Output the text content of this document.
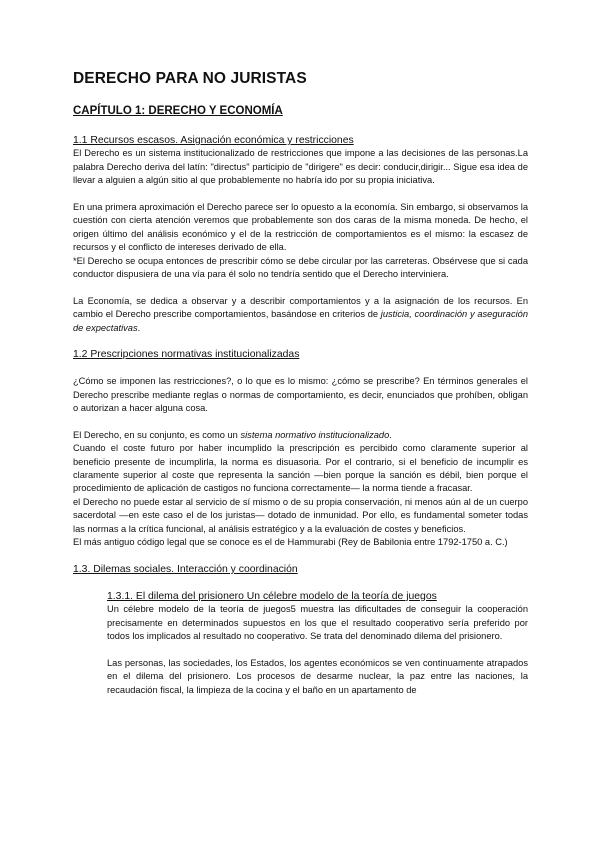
DERECHO PARA NO JURISTAS
CAPÍTULO 1: DERECHO Y ECONOMÍA
1.1 Recursos escasos. Asignación económica y restricciones

El Derecho es un sistema institucionalizado de restricciones que impone a las decisiones de las personas.La palabra Derecho deriva del latín: "directus" participio de "dirigere" es decir: conducir,dirigir... Sigue esa idea de llevar a alguien a algún sitio al que probablemente no habría ido por su propia iniciativa.

En una primera aproximación el Derecho parece ser lo opuesto a la economía. Sin embargo, si observamos la cuestión con cierta atención veremos que probablemente son dos caras de la misma moneda. De hecho, el origen último del análisis económico y el de la restricción de comportamientos es el mismo: la escasez de recursos y el conflicto de intereses derivado de ella.

*El Derecho se ocupa entonces de prescribir cómo se debe circular por las carreteras. Obsérvese que si cada conductor dispusiera de una vía para él solo no tendría sentido que el Derecho interviniera.

La Economía, se dedica a observar y a describir comportamientos y a la asignación de los recursos. En cambio el Derecho prescribe comportamientos, basándose en criterios de justicia, coordinación y aseguración de expectativas.

1.2 Prescripciones normativas institucionalizadas

¿Cómo se imponen las restricciones?, o lo que es lo mismo: ¿cómo se prescribe? En términos generales el Derecho prescribe mediante reglas o normas de comportamiento, es decir, enunciados que prohíben, obligan o autorizan a hacer alguna cosa.

El Derecho, en su conjunto, es como un sistema normativo institucionalizado.

Cuando el coste futuro por haber incumplido la prescripción es percibido como claramente superior al beneficio presente de incumplirla, la norma es disuasoria. Por el contrario, si el beneficio de incumplir es claramente superior al coste que representa la sanción —bien porque la sanción es débil, bien porque el procedimiento de aplicación de castigos no funciona correctamente— la norma tiende a fracasar.

el Derecho no puede estar al servicio de sí mismo o de su propia conservación, ni menos aún al de un cuerpo sacerdotal —en este caso el de los juristas— dotado de inmunidad. Por ello, es fundamental someter todas las normas a la crítica funcional, al análisis estratégico y a la evaluación de costes y beneficios.

El más antiguo código legal que se conoce es el de Hammurabi (Rey de Babilonia entre 1792-1750 a. C.)

1.3. Dilemas sociales. Interacción y coordinación
1.3.1. El dilema del prisionero Un célebre modelo de la teoría de juegos

Un célebre modelo de la teoría de juegos5 muestra las dificultades de conseguir la cooperación precisamente en determinados supuestos en los que el resultado cooperativo sería preferido por todos los implicados al resultado no cooperativo. Se trata del denominado dilema del prisionero.

Las personas, las sociedades, los Estados, los agentes económicos se ven continuamente atrapados en el dilema del prisionero. Los procesos de desarme nuclear, la paz entre las naciones, la recaudación fiscal, la limpieza de la cocina y el baño en un apartamento de
